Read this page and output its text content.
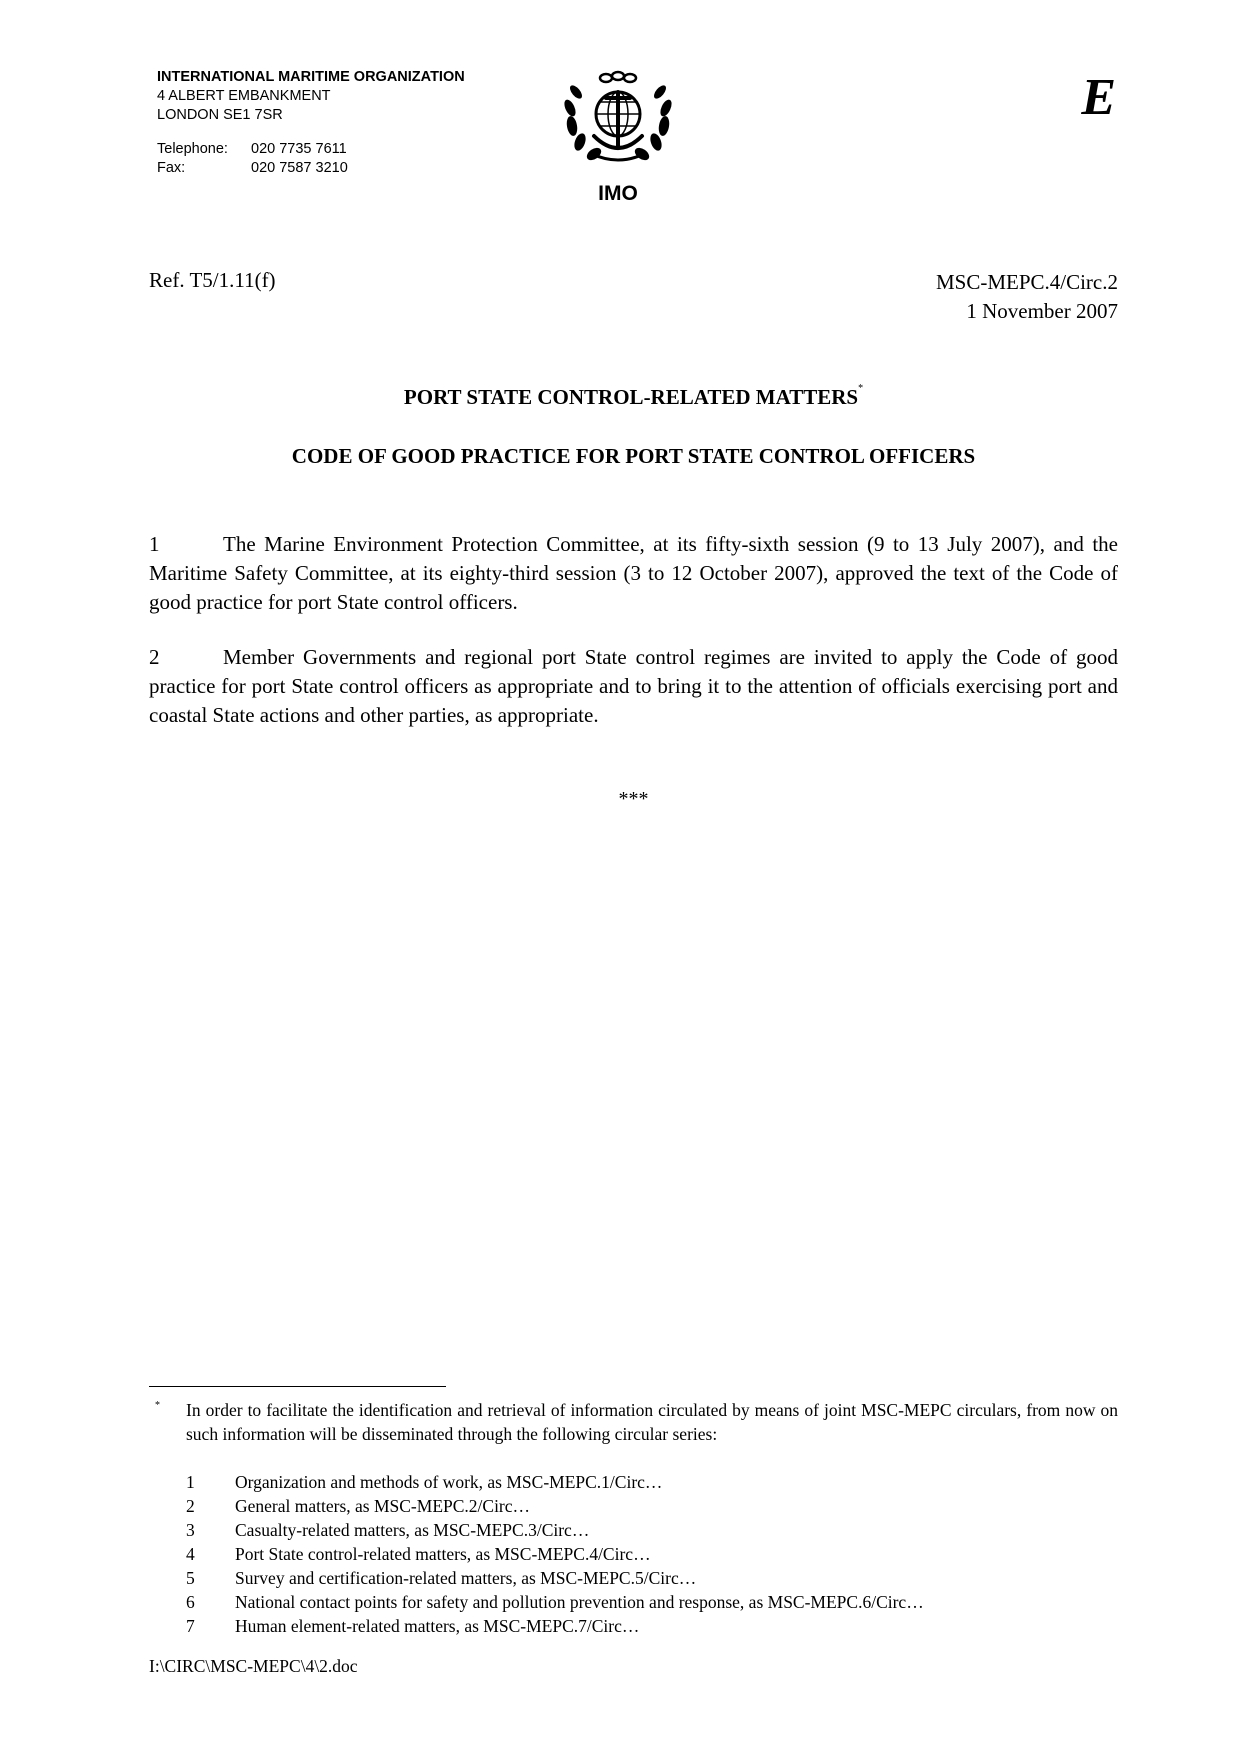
INTERNATIONAL MARITIME ORGANIZATION
4 ALBERT EMBANKMENT
LONDON SE1 7SR
Telephone:	020 7735 7611
Fax:	020 7587 3210
IMO
E
Ref. T5/1.11(f)	MSC-MEPC.4/Circ.2
1 November 2007
PORT STATE CONTROL-RELATED MATTERS*
CODE OF GOOD PRACTICE FOR PORT STATE CONTROL OFFICERS
1	The Marine Environment Protection Committee, at its fifty-sixth session (9 to 13 July 2007), and the Maritime Safety Committee, at its eighty-third session (3 to 12 October 2007), approved the text of the Code of good practice for port State control officers.
2	Member Governments and regional port State control regimes are invited to apply the Code of good practice for port State control officers as appropriate and to bring it to the attention of officials exercising port and coastal State actions and other parties, as appropriate.
***
* In order to facilitate the identification and retrieval of information circulated by means of joint MSC-MEPC circulars, from now on such information will be disseminated through the following circular series:
1	Organization and methods of work, as MSC-MEPC.1/Circ…
2	General matters, as MSC-MEPC.2/Circ…
3	Casualty-related matters, as MSC-MEPC.3/Circ…
4	Port State control-related matters, as MSC-MEPC.4/Circ…
5	Survey and certification-related matters, as MSC-MEPC.5/Circ…
6	National contact points for safety and pollution prevention and response, as MSC-MEPC.6/Circ…
7	Human element-related matters, as MSC-MEPC.7/Circ…
I:\CIRC\MSC-MEPC\4\2.doc
